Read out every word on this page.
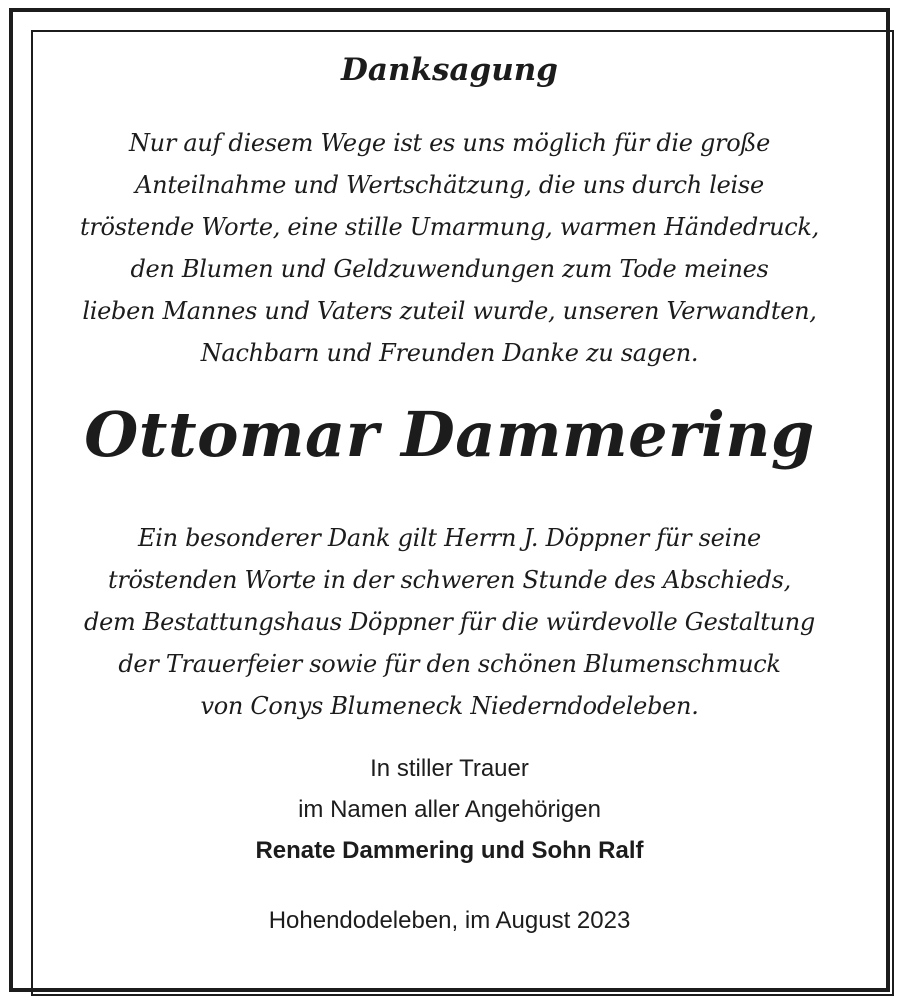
Danksagung
Nur auf diesem Wege ist es uns möglich für die große
Anteilnahme und Wertschätzung, die uns durch leise
tröstende Worte, eine stille Umarmung, warmen Händedruck,
den Blumen und Geldzuwendungen zum Tode meines
lieben Mannes und Vaters zuteil wurde, unseren Verwandten,
Nachbarn und Freunden Danke zu sagen.
Ottomar Dammering
Ein besonderer Dank gilt Herrn J. Döppner für seine
tröstenden Worte in der schweren Stunde des Abschieds,
dem Bestattungshaus Döppner für die würdevolle Gestaltung
der Trauerfeier sowie für den schönen Blumenschmuck
von Conys Blumeneck Niederndodeleben.
In stiller Trauer
im Namen aller Angehörigen
Renate Dammering und Sohn Ralf

Hohendodeleben, im August 2023
